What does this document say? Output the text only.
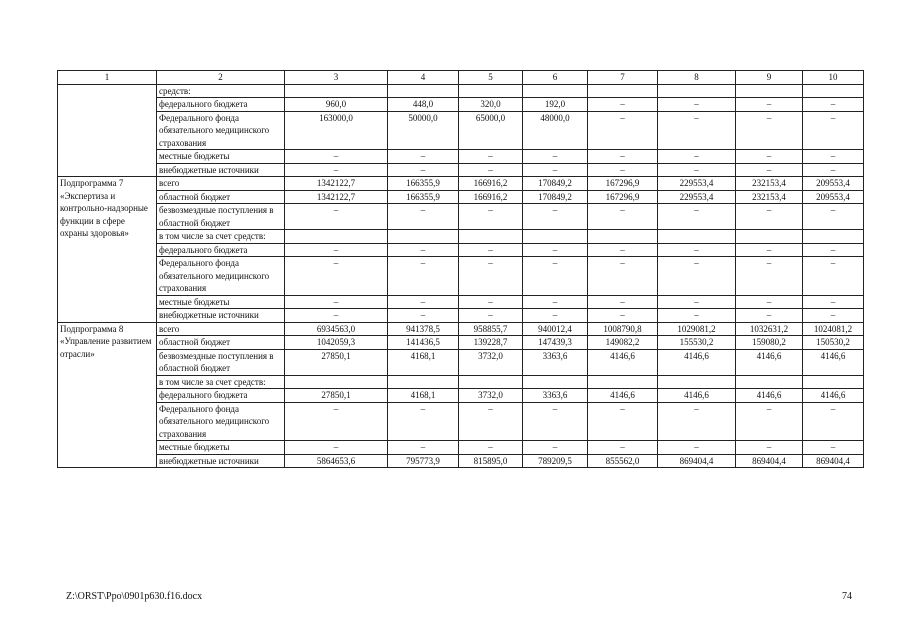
1	2	3	4	5	6	7	8	9	10
	средств:								
	федерального бюджета	960,0	448,0	320,0	192,0	–	–	–	–
	Федерального фонда обязательного медицинского страхования	163000,0	50000,0	65000,0	48000,0	–	–	–	–
	местные бюджеты	–	–	–	–	–	–	–	–
	внебюджетные источники	–	–	–	–	–	–	–	–
Подпрограмма 7 «Экспертиза и контрольно-надзорные функции в сфере охраны здоровья»	всего	1342122,7	166355,9	166916,2	170849,2	167296,9	229553,4	232153,4	209553,4
	областной бюджет	1342122,7	166355,9	166916,2	170849,2	167296,9	229553,4	232153,4	209553,4
	безвозмездные поступления в областной бюджет	–	–	–	–	–	–	–	–
	в том числе за счет средств:								
	федерального бюджета	–	–	–	–	–	–	–	–
	Федерального фонда обязательного медицинского страхования	–	–	–	–	–	–	–	–
	местные бюджеты	–	–	–	–	–	–	–	–
	внебюджетные источники	–	–	–	–	–	–	–	–
Подпрограмма 8 «Управление развитием отрасли»	всего	6934563,0	941378,5	958855,7	940012,4	1008790,8	1029081,2	1032631,2	1024081,2
	областной бюджет	1042059,3	141436,5	139228,7	147439,3	149082,2	155530,2	159080,2	150530,2
	безвозмездные поступления в областной бюджет	27850,1	4168,1	3732,0	3363,6	4146,6	4146,6	4146,6	4146,6
	в том числе за счет средств:								
	федерального бюджета	27850,1	4168,1	3732,0	3363,6	4146,6	4146,6	4146,6	4146,6
	Федерального фонда обязательного медицинского страхования	–	–	–	–	–	–	–	–
	местные бюджеты	–	–	–	–	–	–	–	–
	внебюджетные источники	5864653,6	795773,9	815895,0	789209,5	855562,0	869404,4	869404,4	869404,4
Z:\ORST\Ppo\0901p630.f16.docx	74
